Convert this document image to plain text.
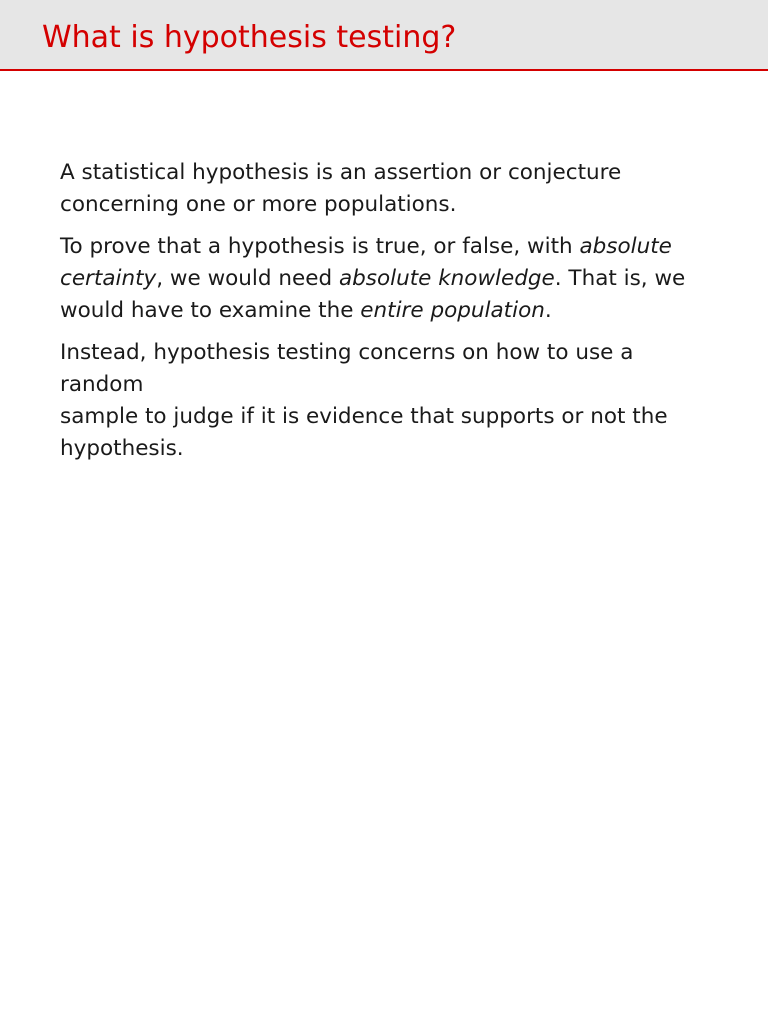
What is hypothesis testing?

A statistical hypothesis is an assertion or conjecture
concerning one or more populations.

To prove that a hypothesis is true, or false, with absolute certainty, we would need absolute knowledge. That is, we would have to examine the entire population.

Instead, hypothesis testing concerns on how to use a random
sample to judge if it is evidence that supports or not the
hypothesis.
